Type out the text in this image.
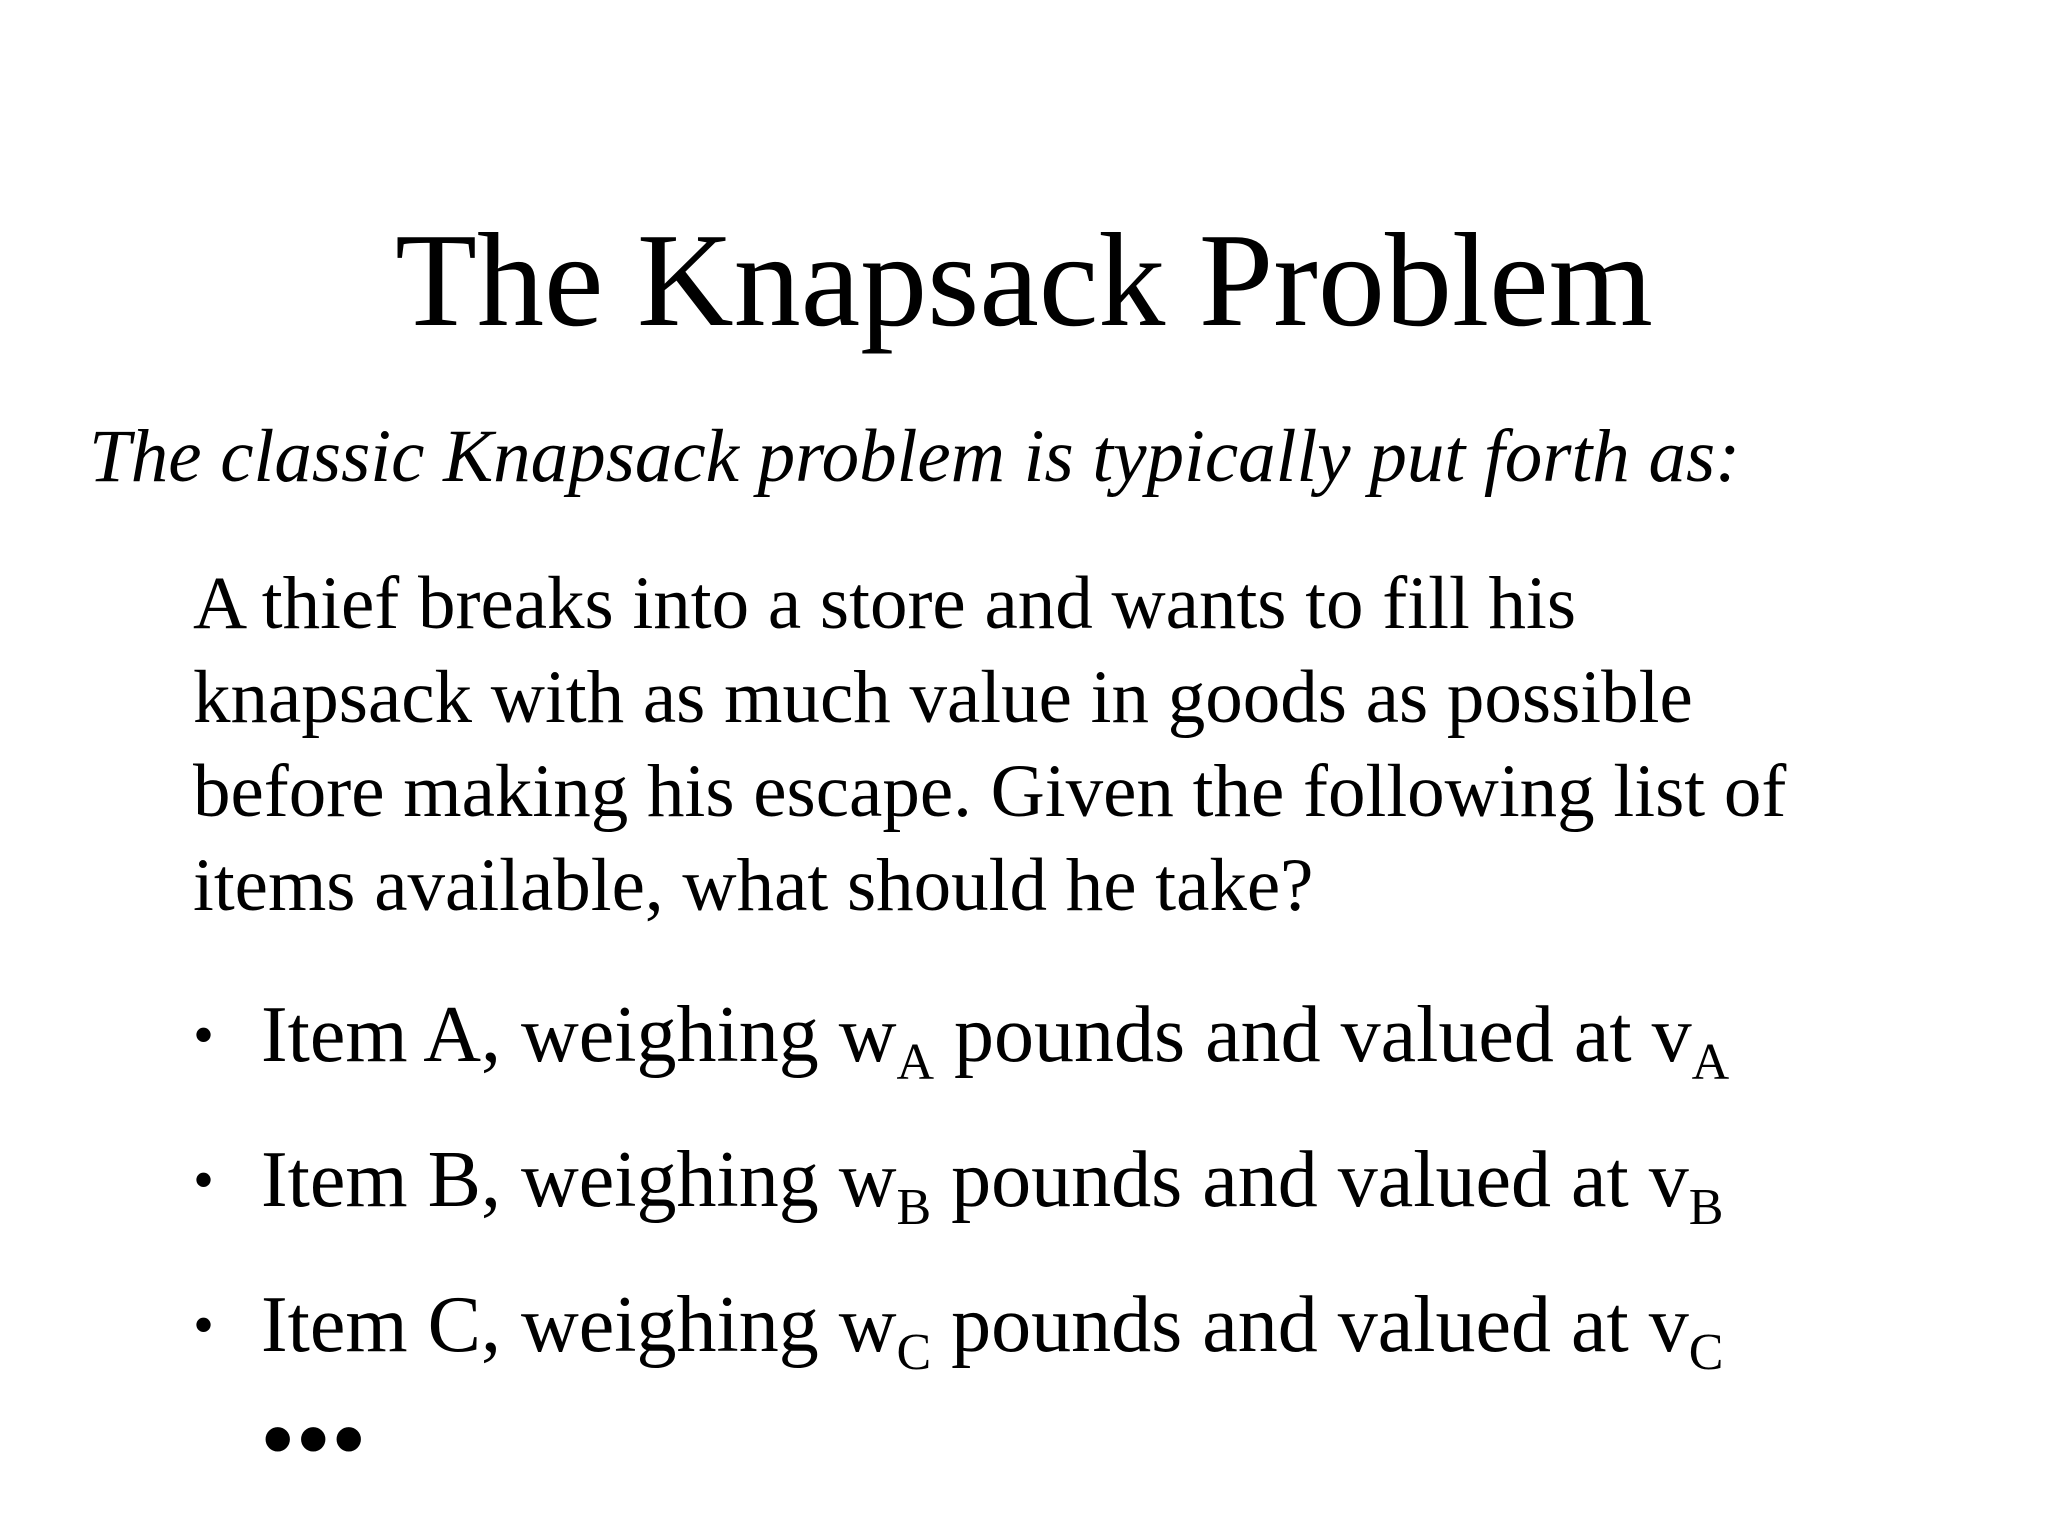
The Knapsack Problem

The classic Knapsack problem is typically put forth as:

A thief breaks into a store and wants to fill his
knapsack with as much value in goods as possible
before making his escape. Given the following list of
items available, what should he take?

• Item A, weighing $w_A$ pounds and valued at $v_A$
• Item B, weighing $w_B$ pounds and valued at $v_B$
• Item C, weighing $w_C$ pounds and valued at $v_C$
•••
